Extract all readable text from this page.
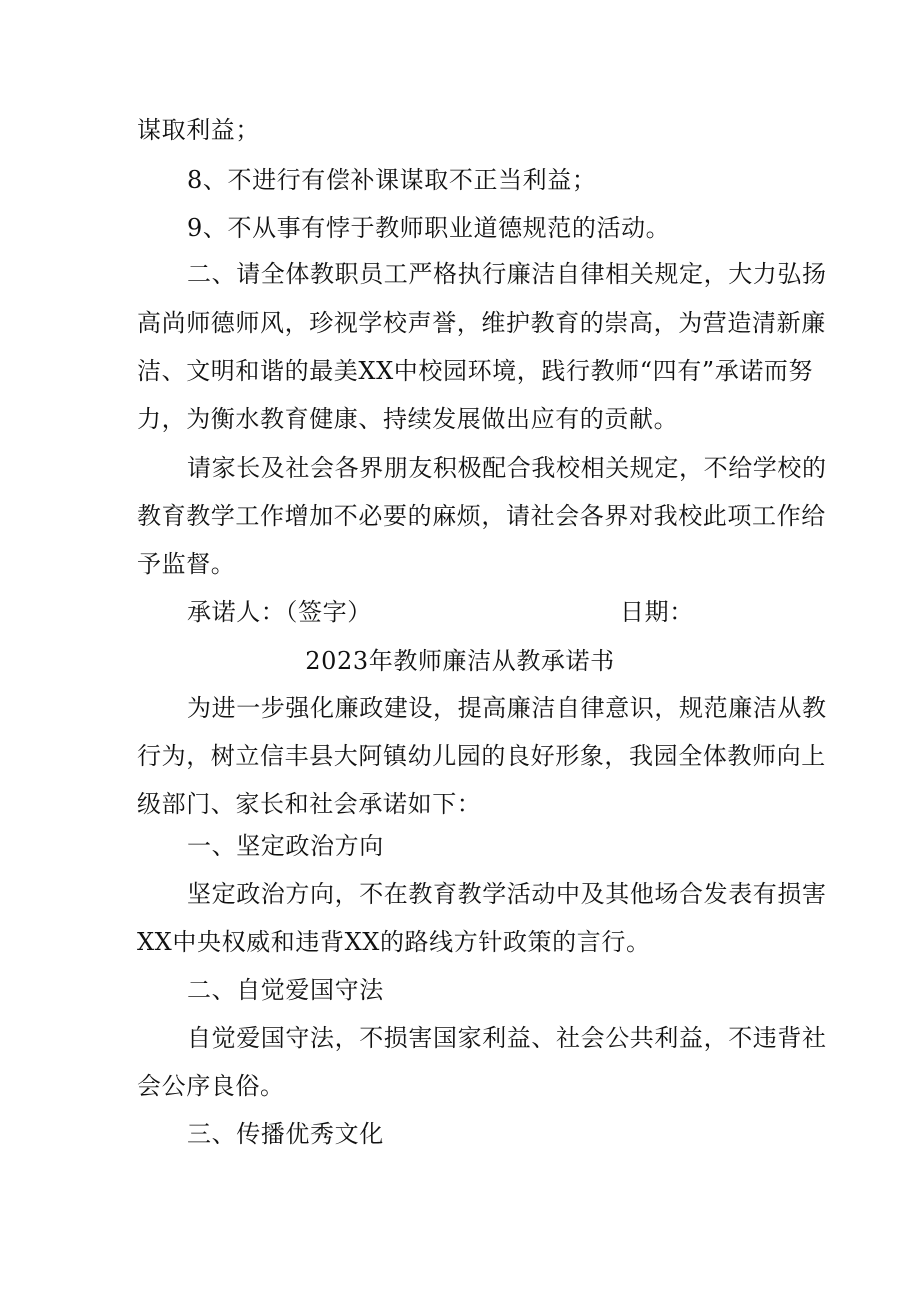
谋取利益；
8、不进行有偿补课谋取不正当利益；
9、不从事有悖于教师职业道德规范的活动。
二、请全体教职员工严格执行廉洁自律相关规定，大力弘扬
高尚师德师风，珍视学校声誉，维护教育的崇高，为营造清新廉
洁、文明和谐的最美XX中校园环境，践行教师“四有”承诺而努
力，为衡水教育健康、持续发展做出应有的贡献。
请家长及社会各界朋友积极配合我校相关规定，不给学校的
教育教学工作增加不必要的麻烦，请社会各界对我校此项工作给
予监督。
承诺人：（签字）	日期：
2023年教师廉洁从教承诺书
为进一步强化廉政建设，提高廉洁自律意识，规范廉洁从教
行为，树立信丰县大阿镇幼儿园的良好形象，我园全体教师向上
级部门、家长和社会承诺如下：
一、坚定政治方向
坚定政治方向，不在教育教学活动中及其他场合发表有损害
XX中央权威和违背XX的路线方针政策的言行。
二、自觉爱国守法
自觉爱国守法，不损害国家利益、社会公共利益，不违背社
会公序良俗。
三、传播优秀文化
